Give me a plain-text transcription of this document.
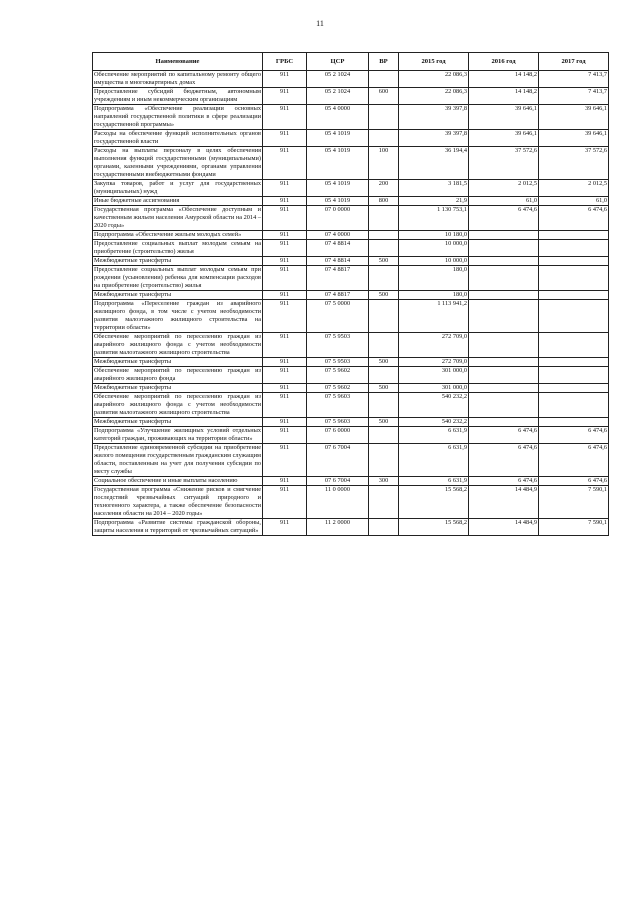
11
Наименование	ГРБС	ЦСР	ВР	2015 год	2016 год	2017 год
Обеспечение мероприятий по капитальному ремонту общего имущества в многоквартирных домах	911	05 2 1024		22 086,3	14 148,2	7 413,7
Предоставление субсидий бюджетным, автономным учреждениям и иным некоммерческим организациям	911	05 2 1024	600	22 086,3	14 148,2	7 413,7
Подпрограмма «Обеспечение реализации основных направлений государственной политики в сфере реализации государственной программы»	911	05 4 0000		39 397,8	39 646,1	39 646,1
Расходы на обеспечение функций исполнительных органов государственной власти	911	05 4 1019		39 397,8	39 646,1	39 646,1
Расходы на выплаты персоналу в целях обеспечения выполнения функций государственными (муниципальными) органами, казенными учреждениями, органами управления государственными внебюджетными фондами	911	05 4 1019	100	36 194,4	37 572,6	37 572,6
Закупка товаров, работ и услуг для государственных (муниципальных) нужд	911	05 4 1019	200	3 181,5	2 012,5	2 012,5
Иные бюджетные ассигнования	911	05 4 1019	800	21,9	61,0	61,0
Государственная программа «Обеспечение доступным и качественным жильем населения Амурской области на 2014 – 2020 годы»	911	07 0 0000		1 130 753,1	6 474,6	6 474,6
Подпрограмма «Обеспечение жильем молодых семей»	911	07 4 0000		10 180,0		
Предоставление социальных выплат молодым семьям на приобретение (строительство) жилья	911	07 4 8814		10 000,0		
Межбюджетные трансферты	911	07 4 8814	500	10 000,0		
Предоставление социальных выплат молодым семьям при рождении (усыновлении) ребенка для компенсации расходов на приобретение (строительство) жилья	911	07 4 8817		180,0		
Межбюджетные трансферты	911	07 4 8817	500	180,0		
Подпрограмма «Переселение граждан из аварийного жилищного фонда, в том числе с учетом необходимости развития малоэтажного жилищного строительства на территории области»	911	07 5 0000		1 113 941,2		
Обеспечение мероприятий по переселению граждан из аварийного жилищного фонда с учетом необходимости развития малоэтажного жилищного строительства	911	07 5 9503		272 709,0		
Межбюджетные трансферты	911	07 5 9503	500	272 709,0		
Обеспечение мероприятий по переселению граждан из аварийного жилищного фонда	911	07 5 9602		301 000,0		
Межбюджетные трансферты	911	07 5 9602	500	301 000,0		
Обеспечение мероприятий по переселению граждан из аварийного жилищного фонда с учетом необходимости развития малоэтажного жилищного строительства	911	07 5 9603		540 232,2		
Межбюджетные трансферты	911	07 5 9603	500	540 232,2		
Подпрограмма «Улучшение жилищных условий отдельных категорий граждан, проживающих на территории области»	911	07 6 0000		6 631,9	6 474,6	6 474,6
Предоставление единовременной субсидии на приобретение жилого помещения государственным гражданским служащим области, поставленным на учет для получения субсидии по месту службы	911	07 6 7004		6 631,9	6 474,6	6 474,6
Социальное обеспечение и иные выплаты населению	911	07 6 7004	300	6 631,9	6 474,6	6 474,6
Государственная программа «Снижение рисков и смягчение последствий чрезвычайных ситуаций природного и техногенного характера, а также обеспечение безопасности населения области на 2014 – 2020 годы»	911	11 0 0000		15 568,2	14 484,9	7 590,1
Подпрограмма «Развитие системы гражданской обороны, защиты населения и территорий от чрезвычайных ситуаций»	911	11 2 0000		15 568,2	14 484,9	7 590,1
